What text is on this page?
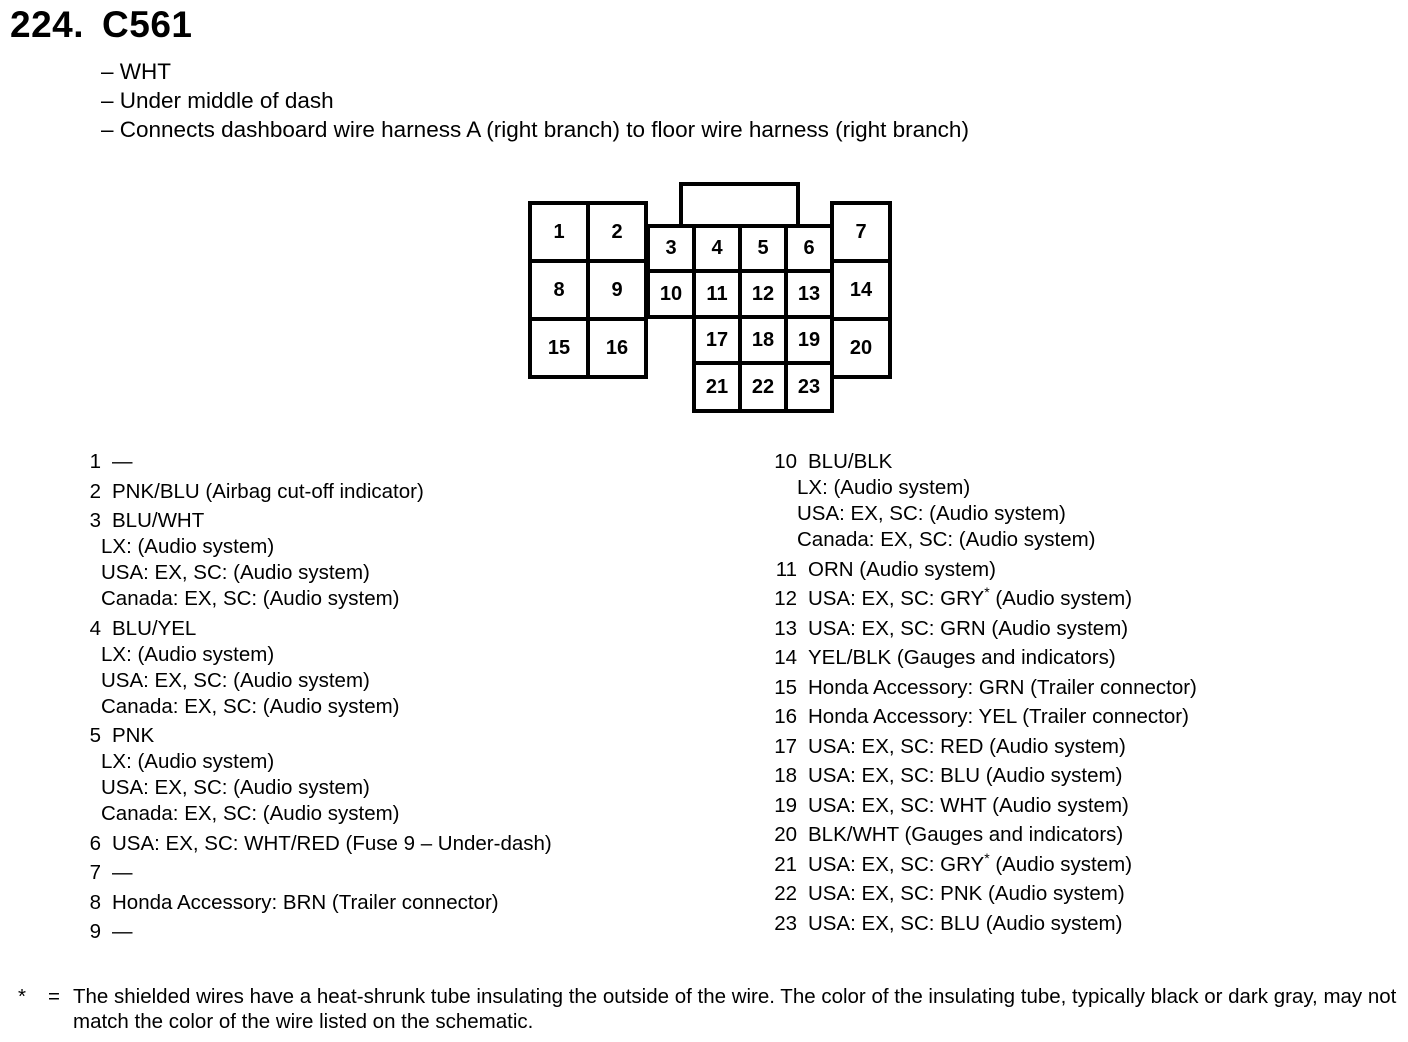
224. C561
– WHT
– Under middle of dash
– Connects dashboard wire harness A (right branch) to floor wire harness (right branch)
1	2
8	9
15	16
3	4	5	6
10	11	12	13
17	18	19
21	22	23
7
14
20
1 —
2 PNK/BLU (Airbag cut-off indicator)
3 BLU/WHT
LX: (Audio system)
USA: EX, SC: (Audio system)
Canada: EX, SC: (Audio system)
4 BLU/YEL
LX: (Audio system)
USA: EX, SC: (Audio system)
Canada: EX, SC: (Audio system)
5 PNK
LX: (Audio system)
USA: EX, SC: (Audio system)
Canada: EX, SC: (Audio system)
6 USA: EX, SC: WHT/RED (Fuse 9 – Under-dash)
7 —
8 Honda Accessory: BRN (Trailer connector)
9 —
10 BLU/BLK
LX: (Audio system)
USA: EX, SC: (Audio system)
Canada: EX, SC: (Audio system)
11 ORN (Audio system)
12 USA: EX, SC: GRY* (Audio system)
13 USA: EX, SC: GRN (Audio system)
14 YEL/BLK (Gauges and indicators)
15 Honda Accessory: GRN (Trailer connector)
16 Honda Accessory: YEL (Trailer connector)
17 USA: EX, SC: RED (Audio system)
18 USA: EX, SC: BLU (Audio system)
19 USA: EX, SC: WHT (Audio system)
20 BLK/WHT (Gauges and indicators)
21 USA: EX, SC: GRY* (Audio system)
22 USA: EX, SC: PNK (Audio system)
23 USA: EX, SC: BLU (Audio system)
* = The shielded wires have a heat-shrunk tube insulating the outside of the wire. The color of the insulating tube, typically black or dark gray, may not match the color of the wire listed on the schematic.
